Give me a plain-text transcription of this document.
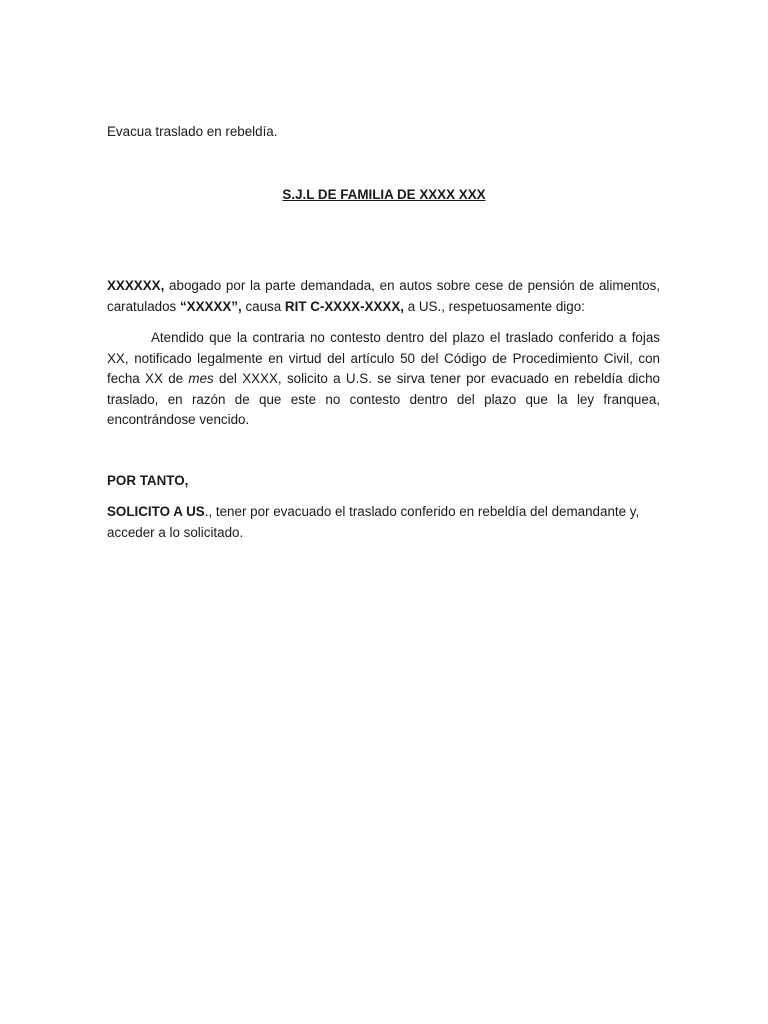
Evacua traslado en rebeldía.
S.J.L DE FAMILIA DE XXXX XXX
XXXXXX, abogado por la parte demandada, en autos sobre cese de pensión de alimentos,
caratulados “XXXXX”, causa RIT C-XXXX-XXXX, a US., respetuosamente digo:
Atendido que la contraria no contesto dentro del plazo el traslado conferido a fojas
XX, notificado legalmente en virtud del artículo 50 del Código de Procedimiento Civil, con
fecha XX de mes del XXXX, solicito a U.S. se sirva tener por evacuado en rebeldía dicho
traslado, en razón de que este no contesto dentro del plazo que la ley franquea,
encontrándose vencido.
POR TANTO,
SOLICITO A US., tener por evacuado el traslado conferido en rebeldía del demandante y,
acceder a lo solicitado.
